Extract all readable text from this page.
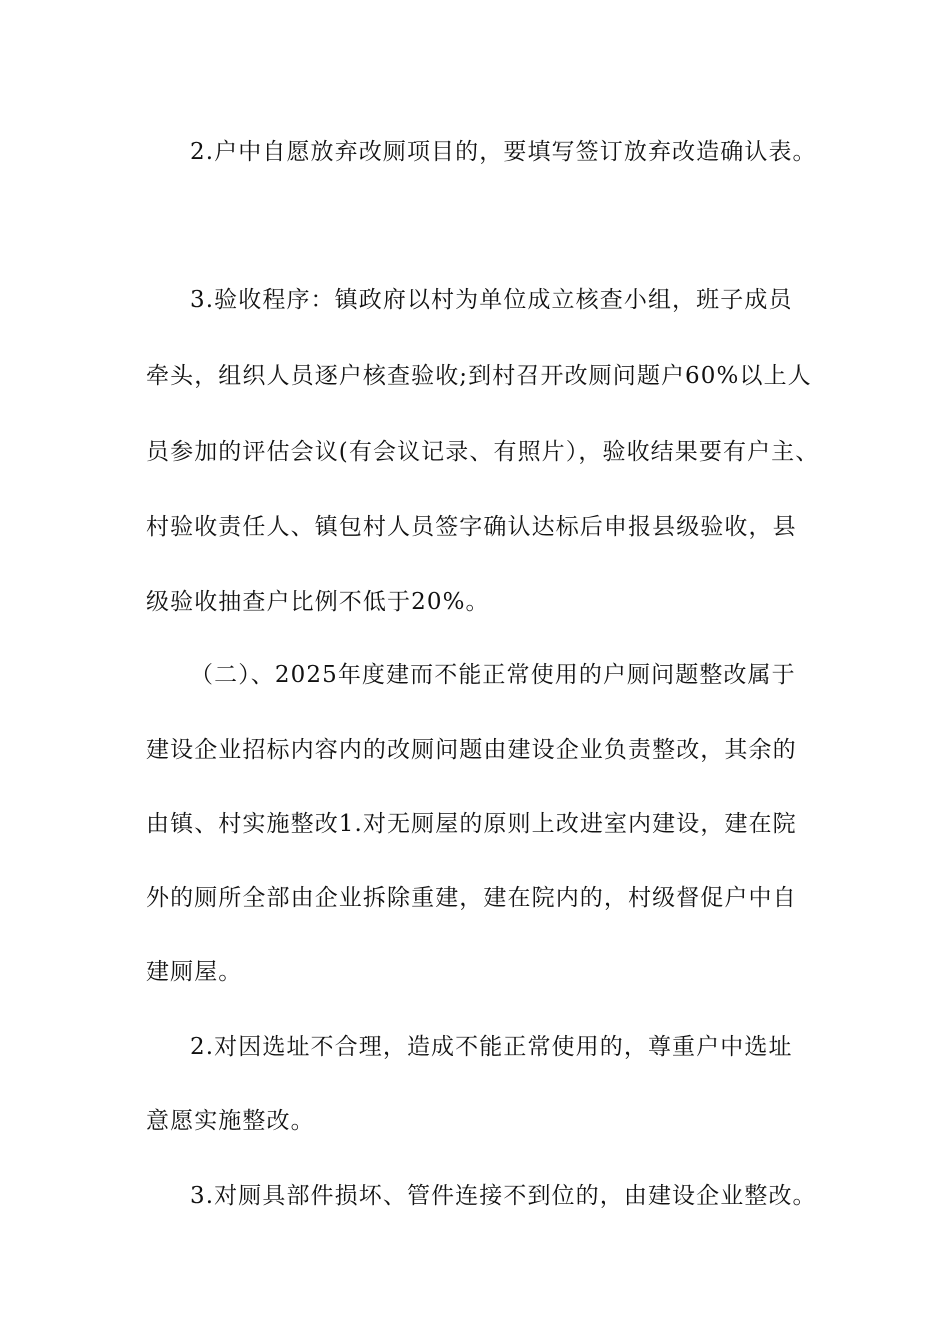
2.户中自愿放弃改厕项目的，要填写签订放弃改造确认表。
3.验收程序：镇政府以村为单位成立核查小组，班子成员
牵头，组织人员逐户核查验收;到村召开改厕问题户60%以上人
员参加的评估会议(有会议记录、有照片），验收结果要有户主、
村验收责任人、镇包村人员签字确认达标后申报县级验收，县
级验收抽查户比例不低于20%。
（二）、2025年度建而不能正常使用的户厕问题整改属于
建设企业招标内容内的改厕问题由建设企业负责整改，其余的
由镇、村实施整改1.对无厕屋的原则上改进室内建设，建在院
外的厕所全部由企业拆除重建，建在院内的，村级督促户中自
建厕屋。
2.对因选址不合理，造成不能正常使用的，尊重户中选址
意愿实施整改。
3.对厕具部件损坏、管件连接不到位的，由建设企业整改。
